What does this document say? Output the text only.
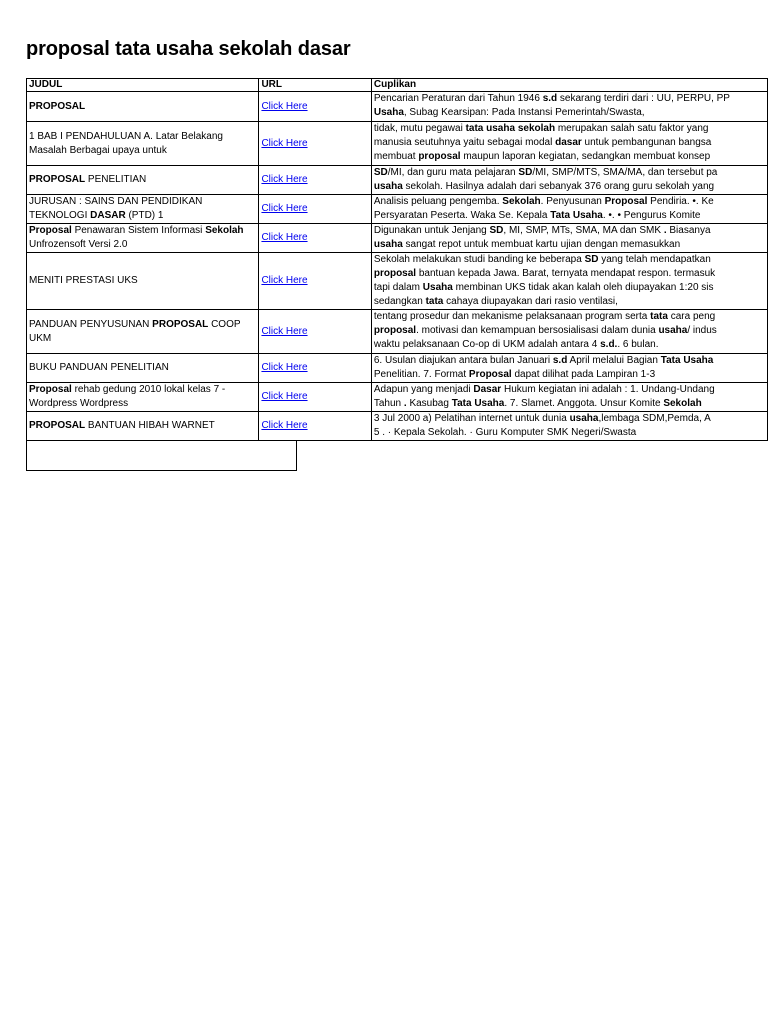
proposal tata usaha sekolah dasar
JUDUL	URL	Cuplikan
PROPOSAL	Click Here	Pencarian Peraturan dari Tahun 1946 s.d sekarang terdiri dari : UU, PERPU, PP
Usaha, Subag Kearsipan: Pada Instansi Pemerintah/Swasta,

1 BAB I PENDAHULUAN A. Latar Belakang Masalah Berbagai upaya untuk	Click Here	tidak, mutu pegawai tata usaha sekolah merupakan salah satu faktor yang
manusia seutuhnya yaitu sebagai modal dasar untuk pembangunan bangsa
membuat proposal maupun laporan kegiatan, sedangkan membuat konsep

PROPOSAL PENELITIAN	Click Here	SD/MI, dan guru mata pelajaran SD/MI, SMP/MTS, SMA/MA, dan tersebut pa
usaha sekolah. Hasilnya adalah dari sebanyak 376 orang guru sekolah yang

JURUSAN : SAINS DAN PENDIDIKAN TEKNOLOGI DASAR (PTD) 1	Click Here	Analisis peluang pengemba. Sekolah. Penyusunan Proposal Pendiria. •. Ke
Persyaratan Peserta. Waka Se. Kepala Tata Usaha. •. • Pengurus Komite

Proposal Penawaran Sistem Informasi Sekolah Unfrozensoft Versi 2.0	Click Here	Digunakan untuk Jenjang SD, MI, SMP, MTs, SMA, MA dan SMK . Biasanya
usaha sangat repot untuk membuat kartu ujian dengan memasukkan

MENITI PRESTASI UKS	Click Here	Sekolah melakukan studi banding ke beberapa SD yang telah mendapatkan
proposal bantuan kepada Jawa. Barat, ternyata mendapat respon. termasuk
tapi dalam Usaha membinan UKS tidak akan kalah oleh diupayakan 1:20 sis
sedangkan tata cahaya diupayakan dari rasio ventilasi,

PANDUAN PENYUSUNAN PROPOSAL COOP UKM	Click Here	tentang prosedur dan mekanisme pelaksanaan program serta tata cara peng
proposal. motivasi dan kemampuan bersosialisasi dalam dunia usaha/ indus
waktu pelaksanaan Co-op di UKM adalah antara 4 s.d.. 6 bulan.

BUKU PANDUAN PENELITIAN	Click Here	6. Usulan diajukan antara bulan Januari s.d April melalui Bagian Tata Usaha
Penelitian. 7. Format Proposal dapat dilihat pada Lampiran 1-3

Proposal rehab gedung 2010 lokal kelas 7 - Wordpress Wordpress	Click Here	Adapun yang menjadi Dasar Hukum kegiatan ini adalah : 1. Undang-Undang
Tahun . Kasubag Tata Usaha. 7. Slamet. Anggota. Unsur Komite Sekolah

PROPOSAL BANTUAN HIBAH WARNET	Click Here	3 Jul 2000 a) Pelatihan internet untuk dunia usaha,lembaga SDM,Pemda, A
5 . · Kepala Sekolah. · Guru Komputer SMK Negeri/Swasta
